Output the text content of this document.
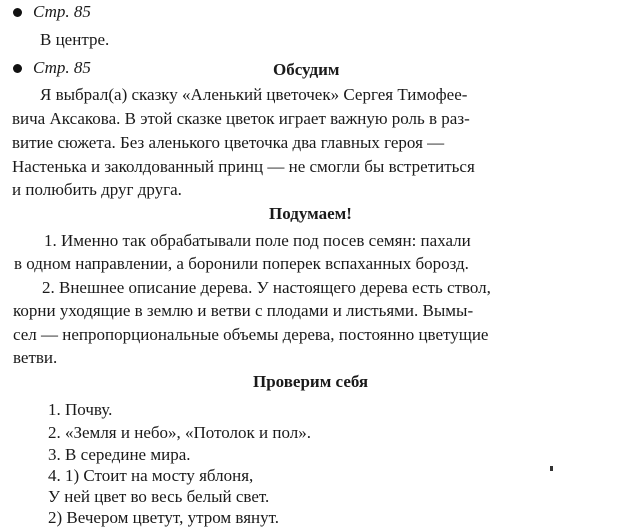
Стр. 85
В центре.
Стр. 85	Обсудим
Я выбрал(а) сказку «Аленький цветочек» Сергея Тимофее-
вича Аксакова. В этой сказке цветок играет важную роль в раз-
витие сюжета. Без аленького цветочка два главных героя —
Настенька и заколдованный принц — не смогли бы встретиться
и полюбить друг друга.
Подумаем!
1. Именно так обрабатывали поле под посев семян: пахали
в одном направлении, а боронили поперек вспаханных борозд.
2. Внешнее описание дерева. У настоящего дерева есть ствол,
корни уходящие в землю и ветви с плодами и листьями. Вымы-
сел — непропорциональные объемы дерева, постоянно цветущие
ветви.
Проверим себя
1. Почву.
2. «Земля и небо», «Потолок и пол».
3. В середине мира.
4. 1) Стоит на мосту яблоня,
У ней цвет во весь белый свет.
2) Вечером цветут, утром вянут.
